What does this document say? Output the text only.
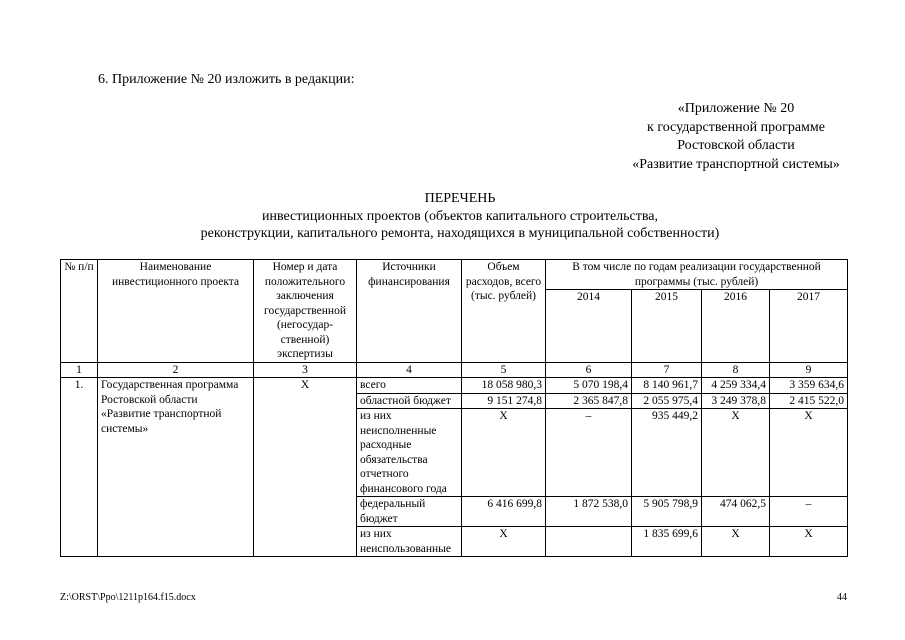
6. Приложение № 20 изложить в редакции:
«Приложение № 20
к государственной программе
Ростовской области
«Развитие транспортной системы»
ПЕРЕЧЕНЬ
инвестиционных проектов (объектов капитального строительства,
реконструкции, капитального ремонта, находящихся в муниципальной собственности)
№ п/п	Наименование инвестиционного проекта	Номер и дата положительного заключения государственной (негосудар-ственной) экспертизы	Источники финансирования	Объем расходов, всего (тыс. рублей)	В том числе по годам реализации государственной программы (тыс. рублей)			
					2014	2015	2016	2017
1	2	3	4	5	6	7	8	9
1.	Государственная программа Ростовской области «Развитие транспортной системы»	Х	всего	18 058 980,3	5 070 198,4	8 140 961,7	4 259 334,4	3 359 634,6
			областной бюджет	9 151 274,8	2 365 847,8	2 055 975,4	3 249 378,8	2 415 522,0
			из них неисполненные расходные обязательства отчетного финансового года	Х	–	935 449,2	Х	Х
			федеральный бюджет	6 416 699,8	1 872 538,0	5 905 798,9	474 062,5	–
			из них неиспользованные	Х		1 835 699,6	Х	Х
Z:\ORST\Ppo\1211p164.f15.docx	44
